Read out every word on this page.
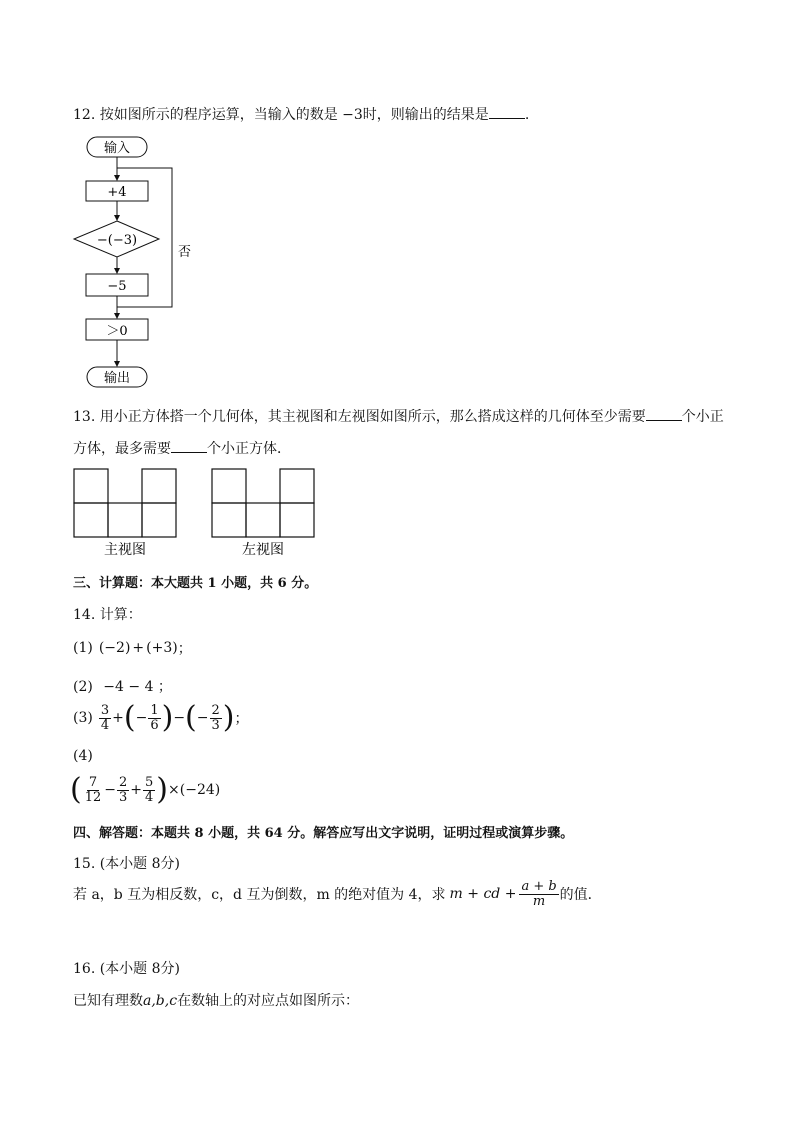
12. 按如图所示的程序运算，当输入的数是 −3时，则输出的结果是	.
输入
+4
−(−3)
−5
否
＞0
输出
13. 用小正方体搭一个几何体，其主视图和左视图如图所示，那么搭成这样的几何体至少需要	个小正
方体，最多需要	个小正方体．
主视图	左视图
三、计算题：本大题共 1 小题，共 6 分。
14. 计算：
(1) (−2) + (+3) ；
(2) −4 − 4 ；
$(3) \frac{3}{4}$ + ( − $\frac{1}{6}$ ) − ( − $\frac{2}{3}$ ) ；
(4)
( $\frac{7}{12} - \frac{2}{3} + \frac{5}{4}$ ) ×(−24)
四、解答题：本题共 8 小题，共 64 分。解答应写出文字说明，证明过程或演算步骤。
15. (本小题 8分)
若 a，b 互为相反数，c，d 互为倒数，m 的绝对值为 4，求 m + cd + $\frac{a + b}{m}$ 的值．
16. (本小题 8分)
已知有理数a,b,c在数轴上的对应点如图所示：
